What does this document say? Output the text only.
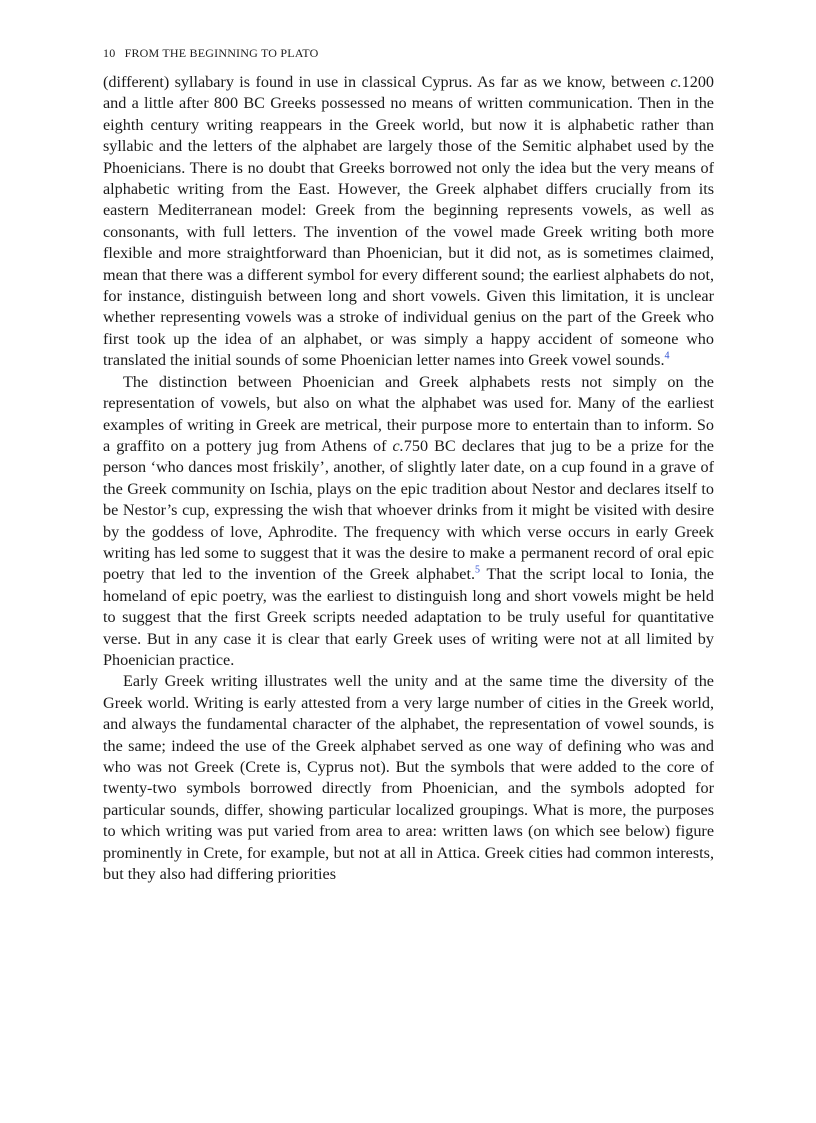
10 FROM THE BEGINNING TO PLATO

(different) syllabary is found in use in classical Cyprus. As far as we know, between c.1200 and a little after 800 BC Greeks possessed no means of written communication. Then in the eighth century writing reappears in the Greek world, but now it is alphabetic rather than syllabic and the letters of the alphabet are largely those of the Semitic alphabet used by the Phoenicians. There is no doubt that Greeks borrowed not only the idea but the very means of alphabetic writing from the East. However, the Greek alphabet differs crucially from its eastern Mediterranean model: Greek from the beginning represents vowels, as well as consonants, with full letters. The invention of the vowel made Greek writing both more flexible and more straightforward than Phoenician, but it did not, as is sometimes claimed, mean that there was a different symbol for every different sound; the earliest alphabets do not, for instance, distinguish between long and short vowels. Given this limitation, it is unclear whether representing vowels was a stroke of individual genius on the part of the Greek who first took up the idea of an alphabet, or was simply a happy accident of someone who translated the initial sounds of some Phoenician letter names into Greek vowel sounds.$^4$

The distinction between Phoenician and Greek alphabets rests not simply on the representation of vowels, but also on what the alphabet was used for. Many of the earliest examples of writing in Greek are metrical, their purpose more to entertain than to inform. So a graffito on a pottery jug from Athens of c.750 BC declares that jug to be a prize for the person ‘who dances most friskily’, another, of slightly later date, on a cup found in a grave of the Greek community on Ischia, plays on the epic tradition about Nestor and declares itself to be Nestor’s cup, expressing the wish that whoever drinks from it might be visited with desire by the goddess of love, Aphrodite. The frequency with which verse occurs in early Greek writing has led some to suggest that it was the desire to make a permanent record of oral epic poetry that led to the invention of the Greek alphabet.$^5$ That the script local to Ionia, the homeland of epic poetry, was the earliest to distinguish long and short vowels might be held to suggest that the first Greek scripts needed adaptation to be truly useful for quantitative verse. But in any case it is clear that early Greek uses of writing were not at all limited by Phoenician practice.

Early Greek writing illustrates well the unity and at the same time the diversity of the Greek world. Writing is early attested from a very large number of cities in the Greek world, and always the fundamental character of the alphabet, the representation of vowel sounds, is the same; indeed the use of the Greek alphabet served as one way of defining who was and who was not Greek (Crete is, Cyprus not). But the symbols that were added to the core of twenty-two symbols borrowed directly from Phoenician, and the symbols adopted for particular sounds, differ, showing particular localized groupings. What is more, the purposes to which writing was put varied from area to area: written laws (on which see below) figure prominently in Crete, for example, but not at all in Attica. Greek cities had common interests, but they also had differing priorities
